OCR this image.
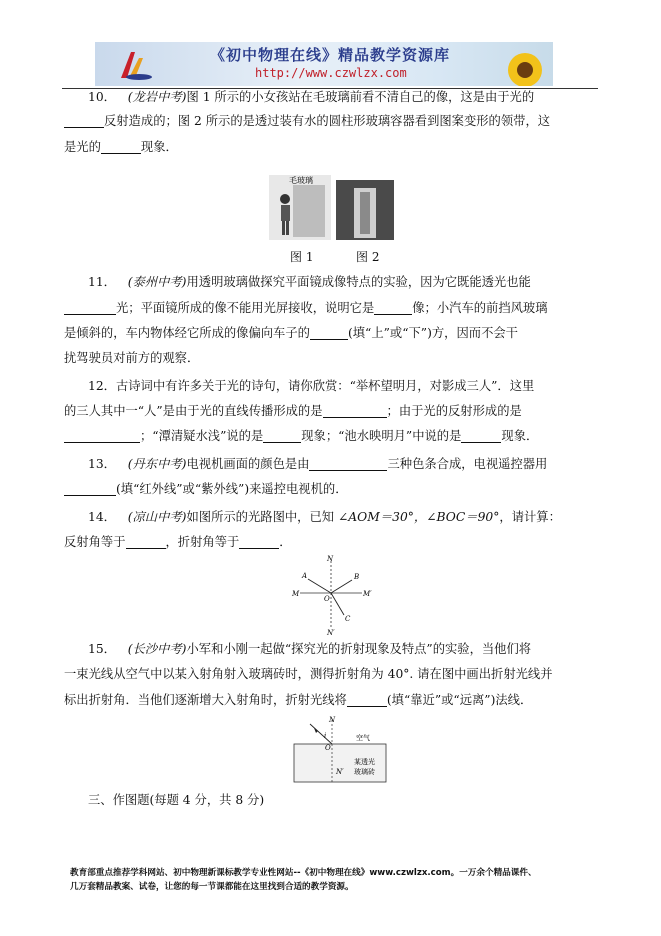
《初中物理在线》精品教学资源库
http://www.czwlzx.com
10． (龙岩中考)图 1 所示的小女孩站在毛玻璃前看不清自己的像，这是由于光的
反射造成的；图 2 所示的是透过装有水的圆柱形玻璃容器看到图案变形的领带，这
是光的	现象．
毛玻璃
图 1	图 2
11． (泰州中考)用透明玻璃做探究平面镜成像特点的实验，因为它既能透光也能
光；平面镜所成的像不能用光屏接收，说明它是	像；小汽车的前挡风玻璃
是倾斜的，车内物体经它所成的像偏向车子的	(填“上”或“下”)方，因而不会干
扰驾驶员对前方的观察．
12．古诗词中有许多关于光的诗句，请你欣赏：“举杯望明月，对影成三人”．这里
的三人其中一“人”是由于光的直线传播形成的是	；由于光的反射形成的是
；“潭清疑水浅”说的是	现象；“池水映明月”中说的是	现象．
13． (丹东中考)电视机画面的颜色是由	三种色条合成，电视遥控器用
(填“红外线”或“紫外线”)来遥控电视机的．
14． (凉山中考)如图所示的光路图中，已知 ∠AOM＝30°，∠BOC＝90°，请计算：
反射角等于	，折射角等于	．
N
A	B
M
O
M′
C
N′
15． (长沙中考)小军和小刚一起做“探究光的折射现象及特点”的实验，当他们将
一束光线从空气中以某入射角射入玻璃砖时，测得折射角为 40°. 请在图中画出折射光线并
标出折射角．当他们逐渐增大入射角时，折射光线将	(填“靠近”或“远离”)法线．
N
i
O
空气
某透光
玻璃砖
N′
三、作图题(每题 4 分，共 8 分)
教育部重点推荐学科网站、初中物理新课标教学专业性网站--《初中物理在线》www.czwlzx.com。一万余个精品课件、
几万套精品教案、试卷，让您的每一节课都能在这里找到合适的教学资源。
